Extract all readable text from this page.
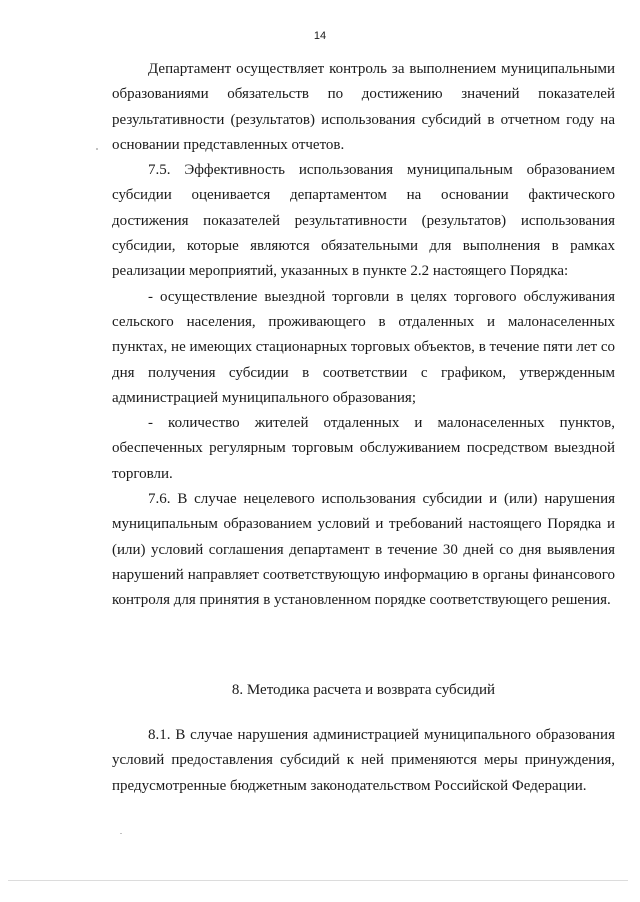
14

Департамент осуществляет контроль за выполнением муниципальными образованиями обязательств по достижению значений показателей результативности (результатов) использования субсидий в отчетном году на основании представленных отчетов.

7.5. Эффективность использования муниципальным образованием субсидии оценивается департаментом на основании фактического достижения показателей результативности (результатов) использования субсидии, которые являются обязательными для выполнения в рамках реализации мероприятий, указанных в пункте 2.2 настоящего Порядка:

- осуществление выездной торговли в целях торгового обслуживания сельского населения, проживающего в отдаленных и малонаселенных пунктах, не имеющих стационарных торговых объектов, в течение пяти лет со дня получения субсидии в соответствии с графиком, утвержденным администрацией муниципального образования;

- количество жителей отдаленных и малонаселенных пунктов, обеспеченных регулярным торговым обслуживанием посредством выездной торговли.

7.6. В случае нецелевого использования субсидии и (или) нарушения муниципальным образованием условий и требований настоящего Порядка и (или) условий соглашения департамент в течение 30 дней со дня выявления нарушений направляет соответствующую информацию в органы финансового контроля для принятия в установленном порядке соответствующего решения.

8. Методика расчета и возврата субсидий

8.1. В случае нарушения администрацией муниципального образования условий предоставления субсидий к ней применяются меры принуждения, предусмотренные бюджетным законодательством Российской Федерации.
